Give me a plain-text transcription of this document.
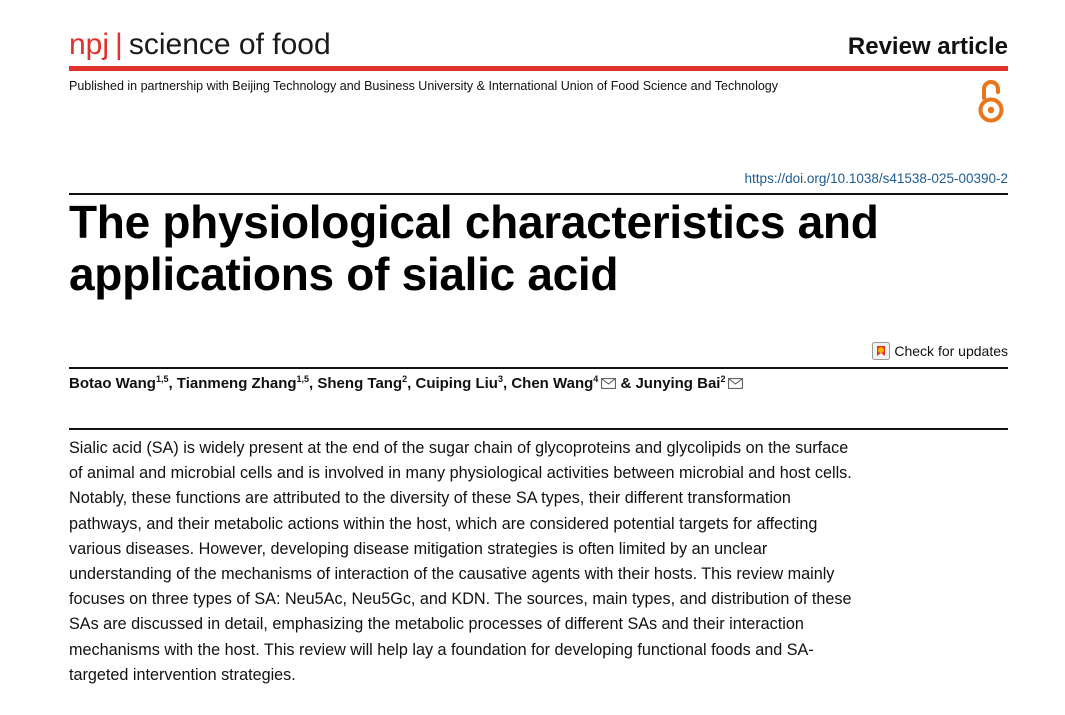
npj | science of food	Review article
Published in partnership with Beijing Technology and Business University & International Union of Food Science and Technology
https://doi.org/10.1038/s41538-025-00390-2
The physiological characteristics and applications of sialic acid
Check for updates
Botao Wang$^{1,5}$, Tianmeng Zhang$^{1,5}$, Sheng Tang$^2$, Cuiping Liu$^3$, Chen Wang$^4$ & Junying Bai$^2$

Sialic acid (SA) is widely present at the end of the sugar chain of glycoproteins and glycolipids on the surface of animal and microbial cells and is involved in many physiological activities between microbial and host cells. Notably, these functions are attributed to the diversity of these SA types, their different transformation pathways, and their metabolic actions within the host, which are considered potential targets for affecting various diseases. However, developing disease mitigation strategies is often limited by an unclear understanding of the mechanisms of interaction of the causative agents with their hosts. This review mainly focuses on three types of SA: Neu5Ac, Neu5Gc, and KDN. The sources, main types, and distribution of these SAs are discussed in detail, emphasizing the metabolic processes of different SAs and their interaction mechanisms with the host. This review will help lay a foundation for developing functional foods and SA-targeted intervention strategies.
